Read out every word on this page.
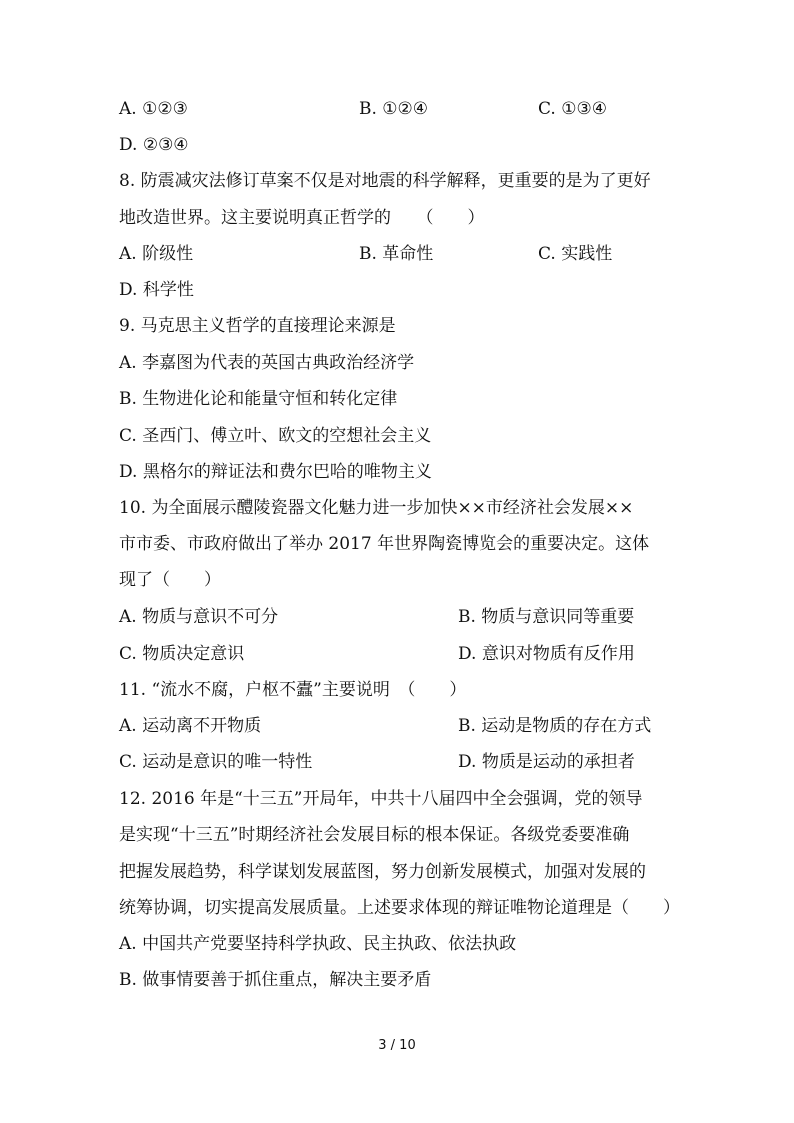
A. ①②③	B. ①②④	C. ①③④
D. ②③④
8. 防震减灾法修订草案不仅是对地震的科学解释，更重要的是为了更好
地改造世界。这主要说明真正哲学的　　（　　）
A. 阶级性	B. 革命性	C. 实践性
D. 科学性
9. 马克思主义哲学的直接理论来源是
A. 李嘉图为代表的英国古典政治经济学
B. 生物进化论和能量守恒和转化定律
C. 圣西门、傅立叶、欧文的空想社会主义
D. 黑格尔的辩证法和费尔巴哈的唯物主义
10. 为全面展示醴陵瓷器文化魅力进一步加快××市经济社会发展××
市市委、市政府做出了举办 2017 年世界陶瓷博览会的重要决定。这体
现了（　　）
A. 物质与意识不可分	B. 物质与意识同等重要
C. 物质决定意识	D. 意识对物质有反作用
11. “流水不腐，户枢不蠹”主要说明　（　　）
A. 运动离不开物质	B. 运动是物质的存在方式
C. 运动是意识的唯一特性	D. 物质是运动的承担者
12. 2016 年是“十三五”开局年，中共十八届四中全会强调，党的领导
是实现“十三五”时期经济社会发展目标的根本保证。各级党委要准确
把握发展趋势，科学谋划发展蓝图，努力创新发展模式，加强对发展的
统筹协调，切实提高发展质量。上述要求体现的辩证唯物论道理是（　　）
A. 中国共产党要坚持科学执政、民主执政、依法执政
B. 做事情要善于抓住重点，解决主要矛盾
3 / 10
